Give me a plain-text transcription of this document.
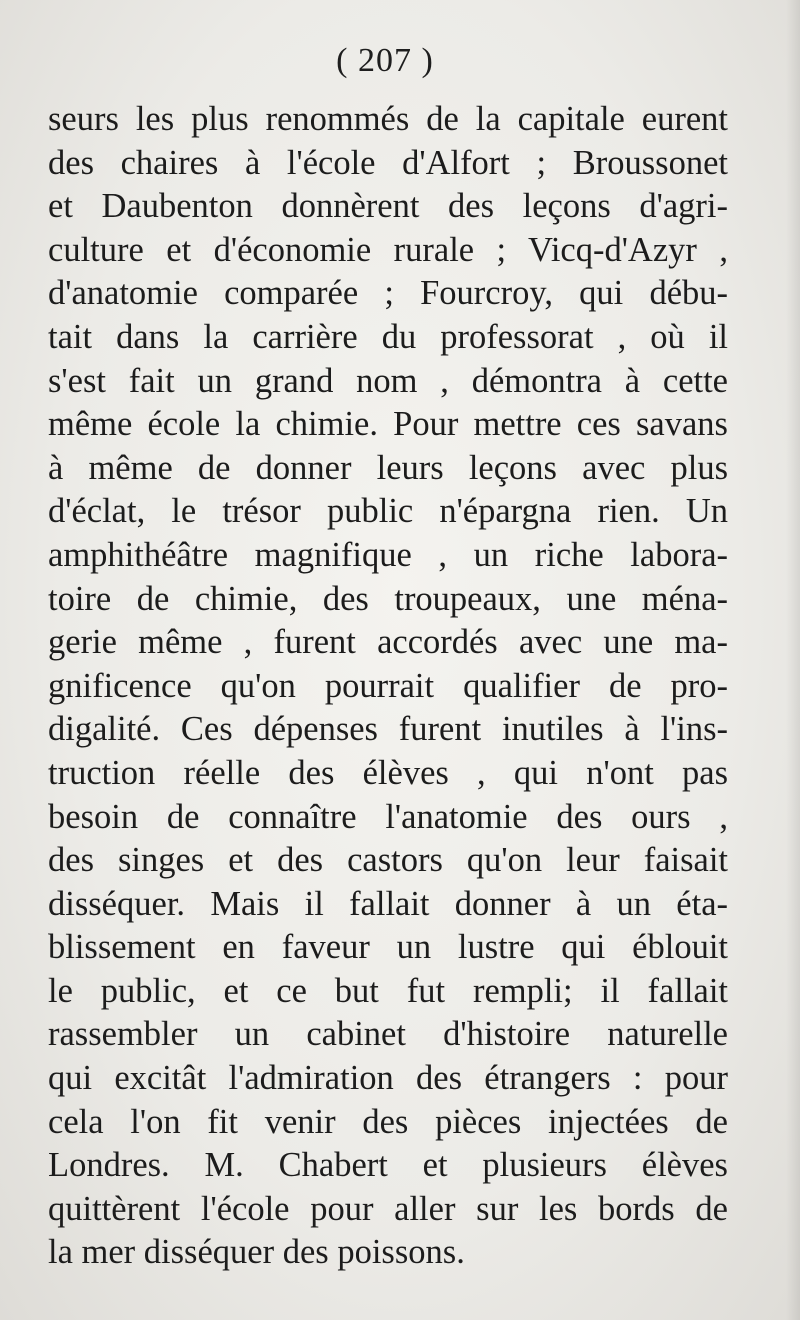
( 207 )
seurs les plus renommés de la capitale eurent
des chaires à l'école d'Alfort ; Broussonet
et Daubenton donnèrent des leçons d'agri-
culture et d'économie rurale ; Vicq-d'Azyr ,
d'anatomie comparée ; Fourcroy, qui débu-
tait dans la carrière du professorat , où il
s'est fait un grand nom , démontra à cette
même école la chimie. Pour mettre ces savans
à même de donner leurs leçons avec plus
d'éclat, le trésor public n'épargna rien. Un
amphithéâtre magnifique , un riche labora-
toire de chimie, des troupeaux, une ména-
gerie même , furent accordés avec une ma-
gnificence qu'on pourrait qualifier de pro-
digalité. Ces dépenses furent inutiles à l'ins-
truction réelle des élèves , qui n'ont pas
besoin de connaître l'anatomie des ours ,
des singes et des castors qu'on leur faisait
disséquer. Mais il fallait donner à un éta-
blissement en faveur un lustre qui éblouit
le public, et ce but fut rempli; il fallait
rassembler un cabinet d'histoire naturelle
qui excitât l'admiration des étrangers : pour
cela l'on fit venir des pièces injectées de
Londres. M. Chabert et plusieurs élèves
quittèrent l'école pour aller sur les bords de
la mer disséquer des poissons.
